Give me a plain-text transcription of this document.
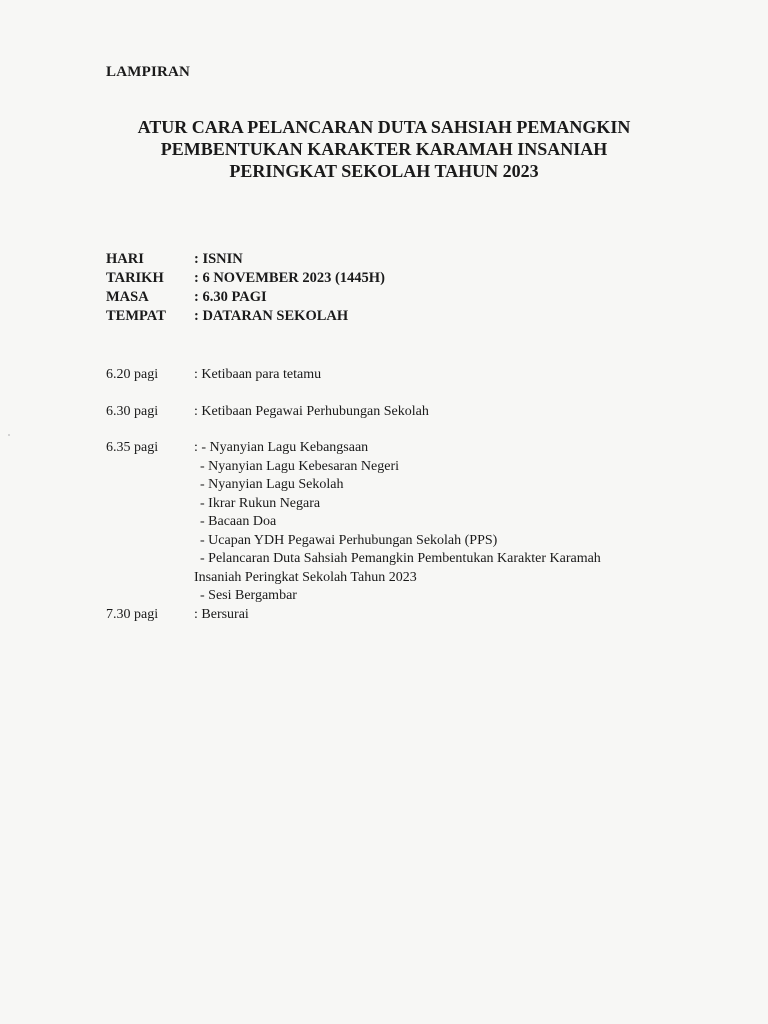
LAMPIRAN
ATUR CARA PELANCARAN DUTA SAHSIAH PEMANGKIN
PEMBENTUKAN KARAKTER KARAMAH INSANIAH
PERINGKAT SEKOLAH TAHUN 2023
HARI	: ISNIN
TARIKH : 6 NOVEMBER 2023 (1445H)
MASA	: 6.30 PAGI
TEMPAT : DATARAN SEKOLAH
6.20 pagi	: Ketibaan para tetamu
6.30 pagi	: Ketibaan Pegawai Perhubungan Sekolah
6.35 pagi	: - Nyanyian Lagu Kebangsaan
- Nyanyian Lagu Kebesaran Negeri
- Nyanyian Lagu Sekolah
- Ikrar Rukun Negara
- Bacaan Doa
- Ucapan YDH Pegawai Perhubungan Sekolah (PPS)
- Pelancaran Duta Sahsiah Pemangkin Pembentukan Karakter Karamah
Insaniah Peringkat Sekolah Tahun 2023
- Sesi Bergambar
7.30 pagi	: Bersurai
